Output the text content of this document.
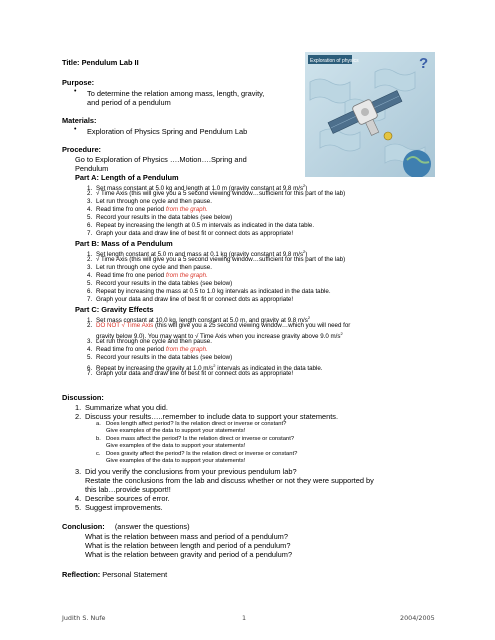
Title: Pendulum Lab II
Purpose:
• To determine the relation among mass, length, gravity,
and period of a pendulum
Materials:
• Exploration of Physics Spring and Pendulum Lab
Exploration of physics	?
Procedure:
Go to Exploration of Physics ….Motion….Spring and
Pendulum
Part A: Length of a Pendulum
1. Set mass constant at 5.0 kg and length at 1.0 m (gravity constant at 9.8 $m/s^2$)
2. √ Time Axis (this will give you a 5 second viewing window…sufficient for this part of the lab)
3. Let run through one cycle and then pause.
4. Read time fro one period from the graph.
5. Record your results in the data tables (see below)
6. Repeat by increasing the length at 0.5 m intervals as indicated in the data table.
7. Graph your data and draw line of best fit or connect dots as appropriate!
Part B: Mass of a Pendulum
1. Set length constant at 5.0 m and mass at 0.1 kg (gravity constant at 9.8 $m/s^2$)
2. √ Time Axis (this will give you a 5 second viewing window…sufficient for this part of the lab)
3. Let run through one cycle and then pause.
4. Read time fro one period from the graph.
5. Record your results in the data tables (see below)
6. Repeat by increasing the mass at 0.5 to 1.0 kg intervals as indicated in the data table.
7. Graph your data and draw line of best fit or connect dots as appropriate!
Part C: Gravity Effects
1. Set mass constant at 10.0 kg, length constant at 5.0 m, and gravity at 9.8 $m/s^2$
2. DO NOT √ Time Axis (this will give you a 25 second viewing window…which you will need for
gravity below 9.0). You may want to √ Time Axis when you increase gravity above 9.0 $m/s^2$
3. Let run through one cycle and then pause.
4. Read time fro one period from the graph.
5. Record your results in the data tables (see below)
6. Repeat by increasing the gravity at 1.0 $m/s^2$ intervals as indicated in the data table.
7. Graph your data and draw line of best fit or connect dots as appropriate!
Discussion:
1. Summarize what you did.
2. Discuss your results…..remember to include data to support your statements.
a. Does length affect period? Is the relation direct or inverse or constant?
Give examples of the data to support your statements!
b. Does mass affect the period? Is the relation direct or inverse or constant?
Give examples of the data to support your statements!
c. Does gravity affect the period? Is the relation direct or inverse or constant?
Give examples of the data to support your statements!
3. Did you verify the conclusions from your previous pendulum lab?
Restate the conclusions from the lab and discuss whether or not they were supported by
this lab…provide support!!
4. Describe sources of error.
5. Suggest improvements.
Conclusion: (answer the questions)
What is the relation between mass and period of a pendulum?
What is the relation between length and period of a pendulum?
What is the relation between gravity and period of a pendulum?
Reflection: Personal Statement
Judith S. Nufe	1	2004/2005
